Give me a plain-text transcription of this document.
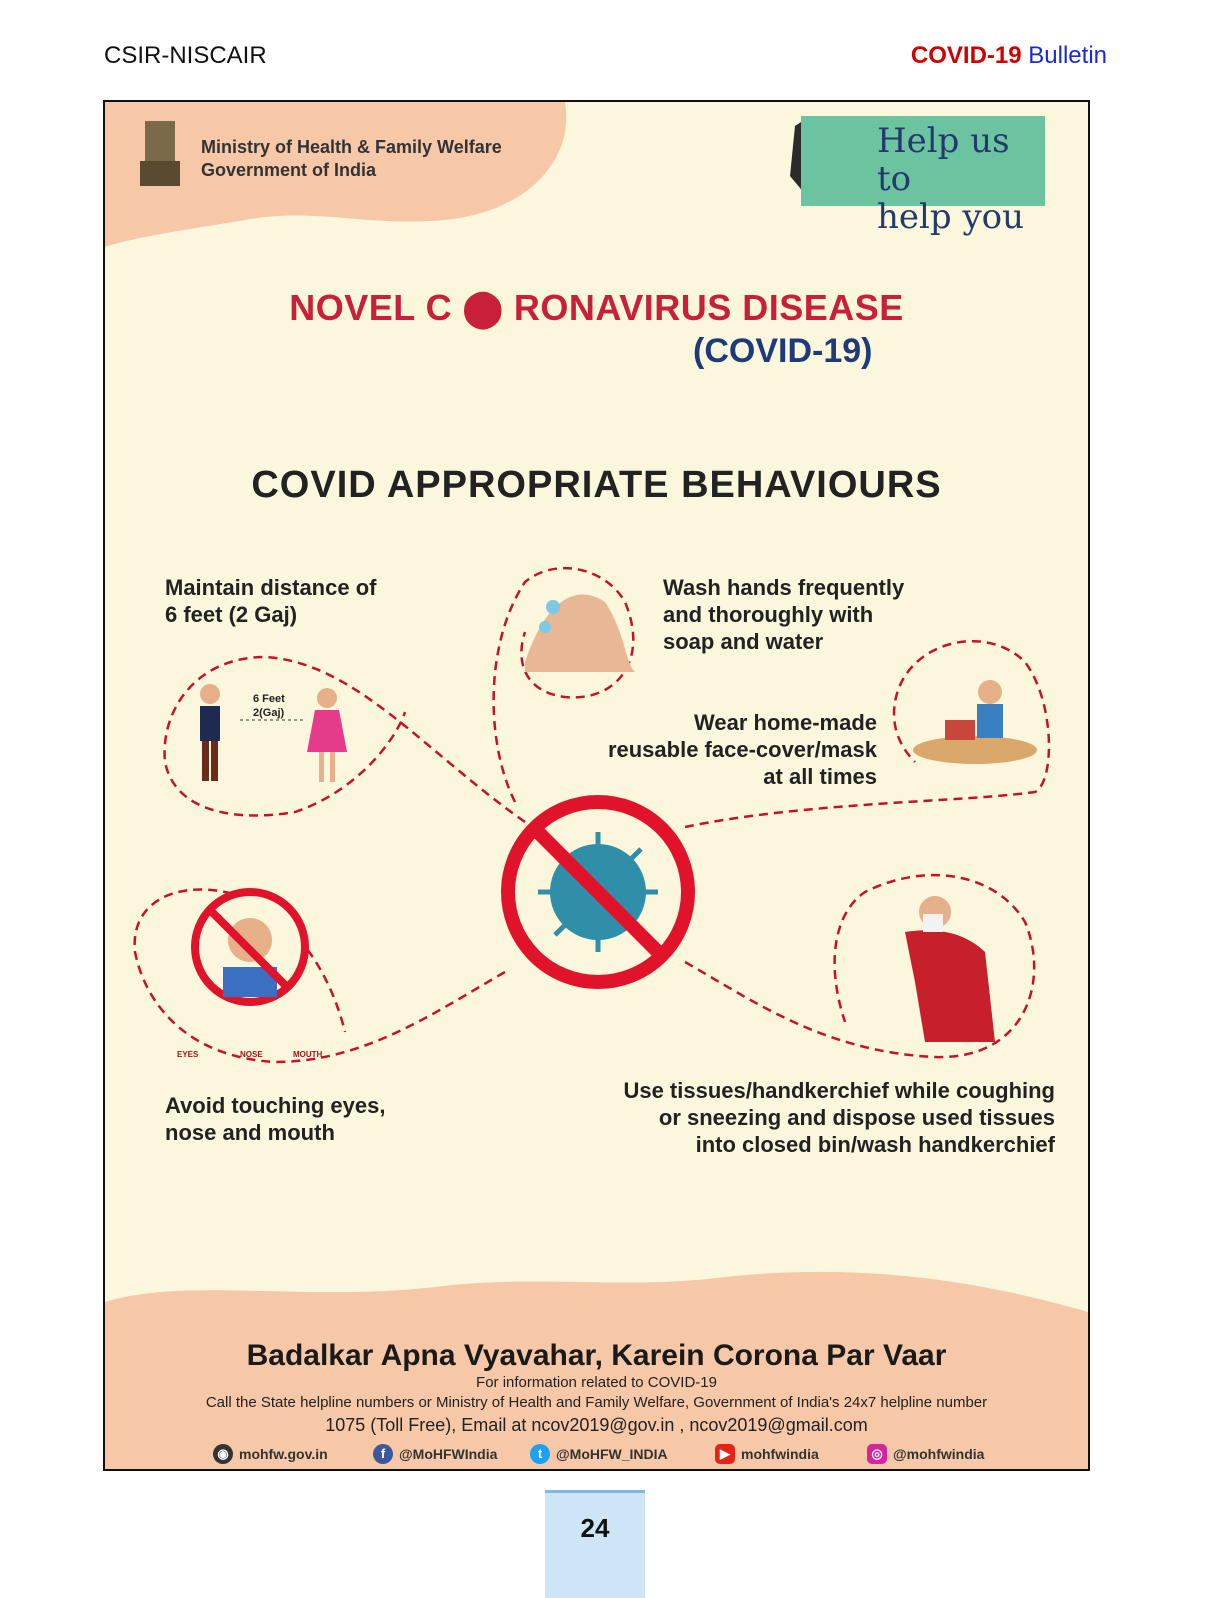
CSIR-NISCAIR	COVID-19 Bulletin
Ministry of Health & Family Welfare
Government of India
Help us to
help you
NOVEL C ⬤ RONAVIRUS DISEASE
(COVID-19)
COVID APPROPRIATE BEHAVIOURS
Maintain distance of
6 feet (2 Gaj)
6 Feet
2(Gaj)
Wash hands frequently
and thoroughly with
soap and water
Wear home-made
reusable face-cover/mask
at all times
Avoid touching eyes,
nose and mouth
EYES	NOSE	MOUTH
Use tissues/handkerchief while coughing
or sneezing and dispose used tissues
into closed bin/wash handkerchief
Badalkar Apna Vyavahar, Karein Corona Par Vaar
For information related to COVID-19
Call the State helpline numbers or Ministry of Health and Family Welfare, Government of India's 24x7 helpline number
1075 (Toll Free), Email at ncov2019@gov.in , ncov2019@gmail.com
◉ mohfw.gov.in	f @MoHFWIndia	t @MoHFW_INDIA	▶ mohfwindia	◎ @mohfwindia
24
